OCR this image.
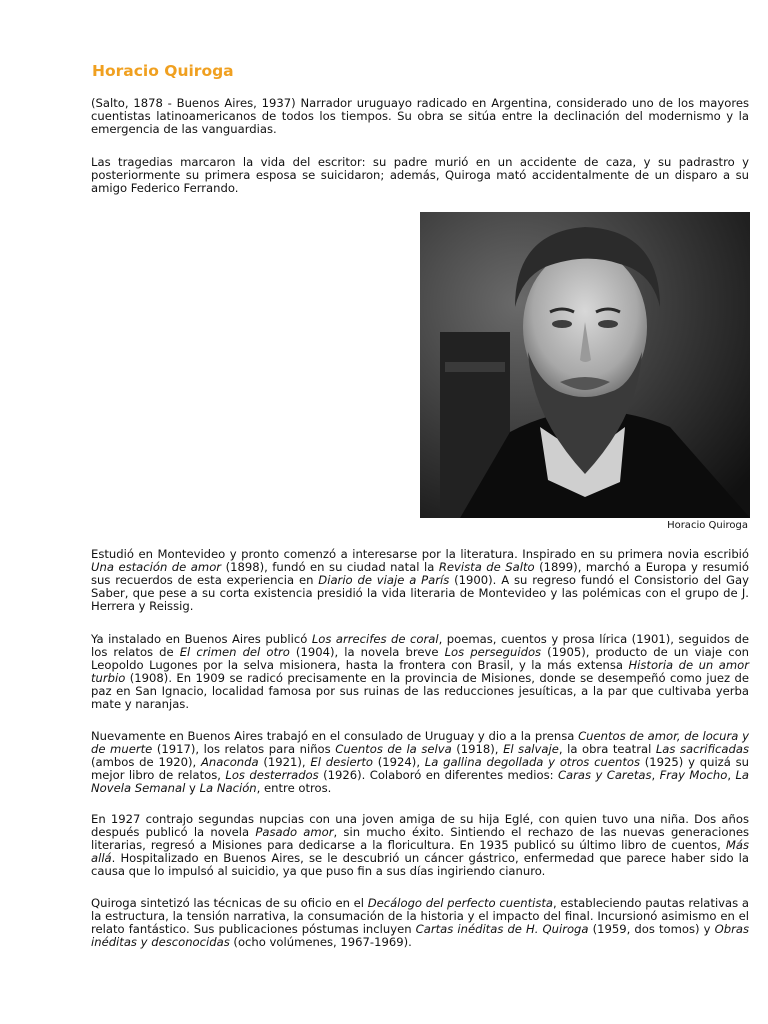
Horacio Quiroga

(Salto, 1878 - Buenos Aires, 1937) Narrador uruguayo radicado en Argentina, considerado uno de los mayores cuentistas latinoamericanos de todos los tiempos. Su obra se sitúa entre la declinación del modernismo y la emergencia de las vanguardias.

Las tragedias marcaron la vida del escritor: su padre murió en un accidente de caza, y su padrastro y posteriormente su primera esposa se suicidaron; además, Quiroga mató accidentalmente de un disparo a su amigo Federico Ferrando.

Horacio Quiroga

Estudió en Montevideo y pronto comenzó a interesarse por la literatura. Inspirado en su primera novia escribió Una estación de amor (1898), fundó en su ciudad natal la Revista de Salto (1899), marchó a Europa y resumió sus recuerdos de esta experiencia en Diario de viaje a París (1900). A su regreso fundó el Consistorio del Gay Saber, que pese a su corta existencia presidió la vida literaria de Montevideo y las polémicas con el grupo de J. Herrera y Reissig.

Ya instalado en Buenos Aires publicó Los arrecifes de coral, poemas, cuentos y prosa lírica (1901), seguidos de los relatos de El crimen del otro (1904), la novela breve Los perseguidos (1905), producto de un viaje con Leopoldo Lugones por la selva misionera, hasta la frontera con Brasil, y la más extensa Historia de un amor turbio (1908). En 1909 se radicó precisamente en la provincia de Misiones, donde se desempeñó como juez de paz en San Ignacio, localidad famosa por sus ruinas de las reducciones jesuíticas, a la par que cultivaba yerba mate y naranjas.

Nuevamente en Buenos Aires trabajó en el consulado de Uruguay y dio a la prensa Cuentos de amor, de locura y de muerte (1917), los relatos para niños Cuentos de la selva (1918), El salvaje, la obra teatral Las sacrificadas (ambos de 1920), Anaconda (1921), El desierto (1924), La gallina degollada y otros cuentos (1925) y quizá su mejor libro de relatos, Los desterrados (1926). Colaboró en diferentes medios: Caras y Caretas, Fray Mocho, La Novela Semanal y La Nación, entre otros.

En 1927 contrajo segundas nupcias con una joven amiga de su hija Eglé, con quien tuvo una niña. Dos años después publicó la novela Pasado amor, sin mucho éxito. Sintiendo el rechazo de las nuevas generaciones literarias, regresó a Misiones para dedicarse a la floricultura. En 1935 publicó su último libro de cuentos, Más allá. Hospitalizado en Buenos Aires, se le descubrió un cáncer gástrico, enfermedad que parece haber sido la causa que lo impulsó al suicidio, ya que puso fin a sus días ingiriendo cianuro.

Quiroga sintetizó las técnicas de su oficio en el Decálogo del perfecto cuentista, estableciendo pautas relativas a la estructura, la tensión narrativa, la consumación de la historia y el impacto del final. Incursionó asimismo en el relato fantástico. Sus publicaciones póstumas incluyen Cartas inéditas de H. Quiroga (1959, dos tomos) y Obras inéditas y desconocidas (ocho volúmenes, 1967-1969).
